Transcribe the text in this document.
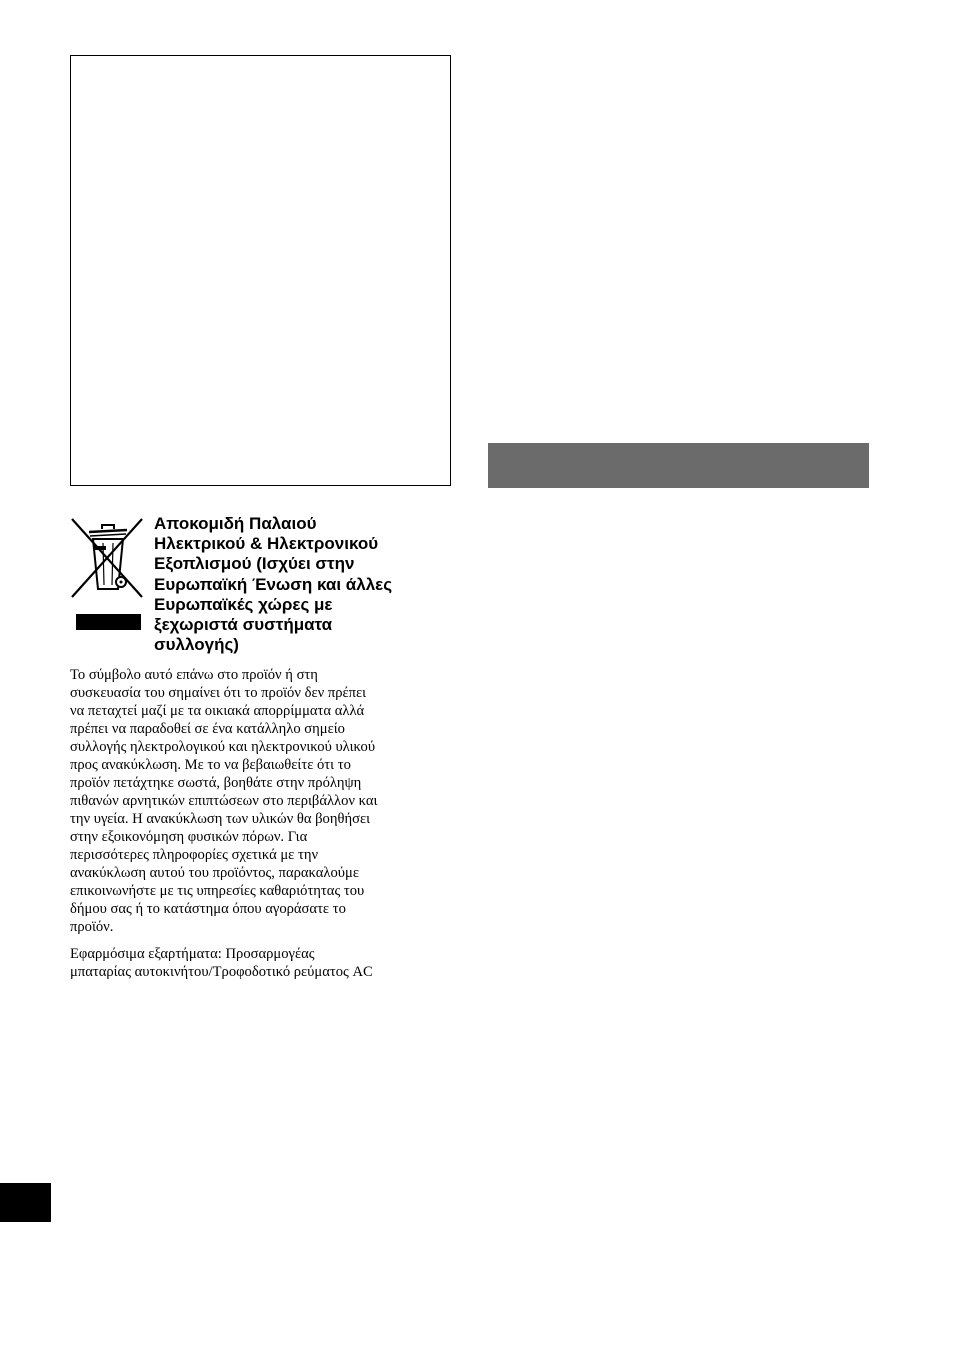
Αποκομιδή Παλαιού
Ηλεκτρικού & Ηλεκτρονικού
Εξοπλισμού (Ισχύει στην
Ευρωπαϊκή Ένωση και άλλες
Ευρωπαϊκές χώρες με
ξεχωριστά συστήματα
συλλογής)
Το σύμβολο αυτό επάνω στο προϊόν ή στη
συσκευασία του σημαίνει ότι το προϊόν δεν πρέπει
να πεταχτεί μαζί με τα οικιακά απορρίμματα αλλά
πρέπει να παραδοθεί σε ένα κατάλληλο σημείο
συλλογής ηλεκτρολογικού και ηλεκτρονικού υλικού
προς ανακύκλωση. Με το να βεβαιωθείτε ότι το
προϊόν πετάχτηκε σωστά, βοηθάτε στην πρόληψη
πιθανών αρνητικών επιπτώσεων στο περιβάλλον και
την υγεία. Η ανακύκλωση των υλικών θα βοηθήσει
στην εξοικονόμηση φυσικών πόρων. Για
περισσότερες πληροφορίες σχετικά με την
ανακύκλωση αυτού του προϊόντος, παρακαλούμε
επικοινωνήστε με τις υπηρεσίες καθαριότητας του
δήμου σας ή το κατάστημα όπου αγοράσατε το
προϊόν.
Εφαρμόσιμα εξαρτήματα: Προσαρμογέας
μπαταρίας αυτοκινήτου/Τροφοδοτικό ρεύματος AC
